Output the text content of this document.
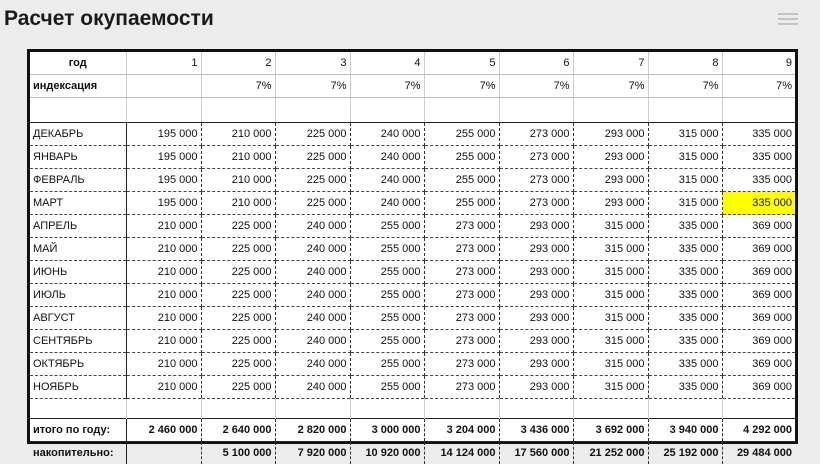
Расчет окупаемости
год	1	2	3	4	5	6	7	8	9
индексация		7%	7%	7%	7%	7%	7%	7%	7%

ДЕКАБРЬ	195 000	210 000	225 000	240 000	255 000	273 000	293 000	315 000	335 000
ЯНВАРЬ	195 000	210 000	225 000	240 000	255 000	273 000	293 000	315 000	335 000
ФЕВРАЛЬ	195 000	210 000	225 000	240 000	255 000	273 000	293 000	315 000	335 000
МАРТ	195 000	210 000	225 000	240 000	255 000	273 000	293 000	315 000	335 000
АПРЕЛЬ	210 000	225 000	240 000	255 000	273 000	293 000	315 000	335 000	369 000
МАЙ	210 000	225 000	240 000	255 000	273 000	293 000	315 000	335 000	369 000
ИЮНЬ	210 000	225 000	240 000	255 000	273 000	293 000	315 000	335 000	369 000
ИЮЛЬ	210 000	225 000	240 000	255 000	273 000	293 000	315 000	335 000	369 000
АВГУСТ	210 000	225 000	240 000	255 000	273 000	293 000	315 000	335 000	369 000
СЕНТЯБРЬ	210 000	225 000	240 000	255 000	273 000	293 000	315 000	335 000	369 000
ОКТЯБРЬ	210 000	225 000	240 000	255 000	273 000	293 000	315 000	335 000	369 000
НОЯБРЬ	210 000	225 000	240 000	255 000	273 000	293 000	315 000	335 000	369 000

итого по году:	2 460 000	2 640 000	2 820 000	3 000 000	3 204 000	3 436 000	3 692 000	3 940 000	4 292 000
накопительно:		5 100 000	7 920 000	10 920 000	14 124 000	17 560 000	21 252 000	25 192 000	29 484 000
